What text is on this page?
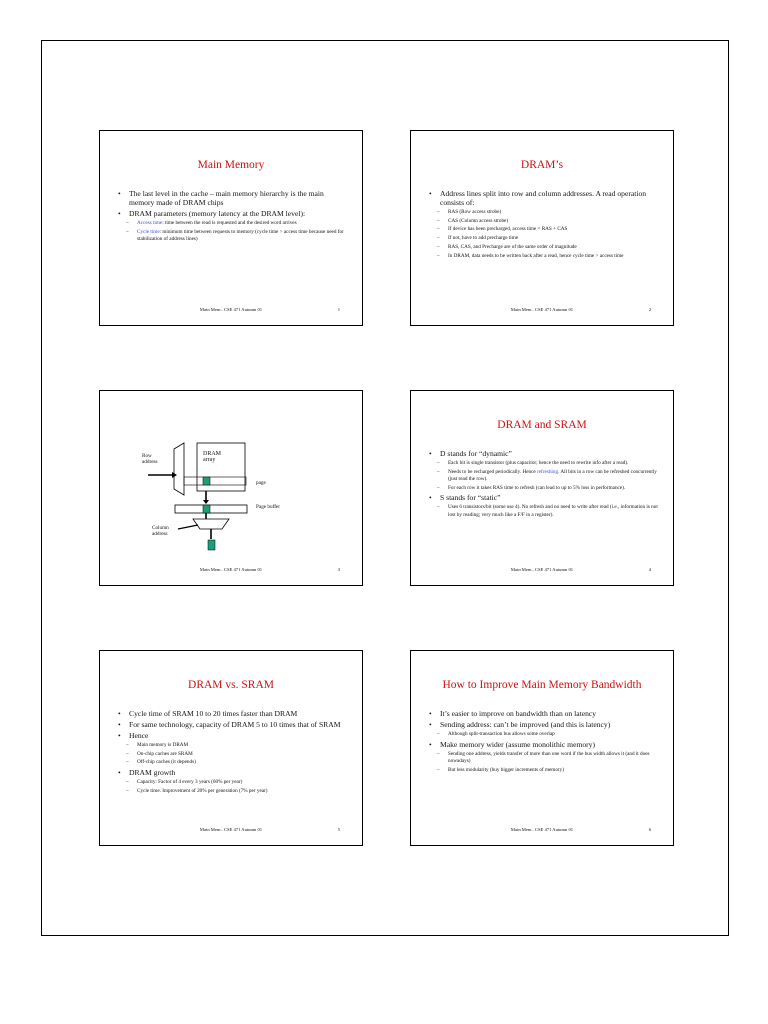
Main Memory
• The last level in the cache – main memory hierarchy is the main memory made of DRAM chips
• DRAM parameters (memory latency at the DRAM level):
– Access time: time between the read is requested and the desired word arrives
– Cycle time: minimum time between requests to memory (cycle time > access time because need for stabilization of address lines)
Main Mem.. CSE 471 Autumn 01	1
DRAM’s
• Address lines split into row and column addresses. A read operation consists of:
– RAS (Row access strobe)
– CAS (Column access strobe)
– If device has been precharged, access time = RAS + CAS
– If not, have to add precharge time
– RAS, CAS, and Precharge are of the same order of magnitude
– In DRAM, data needs to be written back after a read, hence cycle time > access time
Main Mem.. CSE 471 Autumn 01	2
Row address
DRAM array
page
Page buffer
Column address
Main Mem.. CSE 471 Autumn 01	3
DRAM and SRAM
• D stands for “dynamic”
– Each bit is single transistor (plus capacitor; hence the need to rewrite info after a read).
– Needs to be recharged periodically. Hence refreshing. All bits in a row can be refreshed concurrently (just read the row).
– For each row it takes RAS time to refresh (can lead to up to 5% loss in performance).
• S stands for “static”
– Uses 6 transistors/bit (some use 4). No refresh and no need to write after read (i.e., information is not lost by reading; very much like a F/F in a register).
Main Mem.. CSE 471 Autumn 01	4
DRAM vs. SRAM
• Cycle time of SRAM 10 to 20 times faster than DRAM
• For same technology, capacity of DRAM 5 to 10 times that of SRAM
• Hence
– Main memory is DRAM
– On-chip caches are SRAM
– Off-chip caches (it depends)
• DRAM growth
– Capacity: Factor of 4 every 3 years (60% per year)
– Cycle time. Improvement of 20% per generation (7% per year)
Main Mem.. CSE 471 Autumn 01	5
How to Improve Main Memory Bandwidth
• It’s easier to improve on bandwidth than on latency
• Sending address: can’t be improved (and this is latency)
– Although split-transaction bus allows some overlap
• Make memory wider (assume monolithic memory)
– Sending one address, yields transfer of more than one word if the bus width allows it (and it does nowadays)
– But less modularity (buy bigger increments of memory)
Main Mem.. CSE 471 Autumn 01	6
